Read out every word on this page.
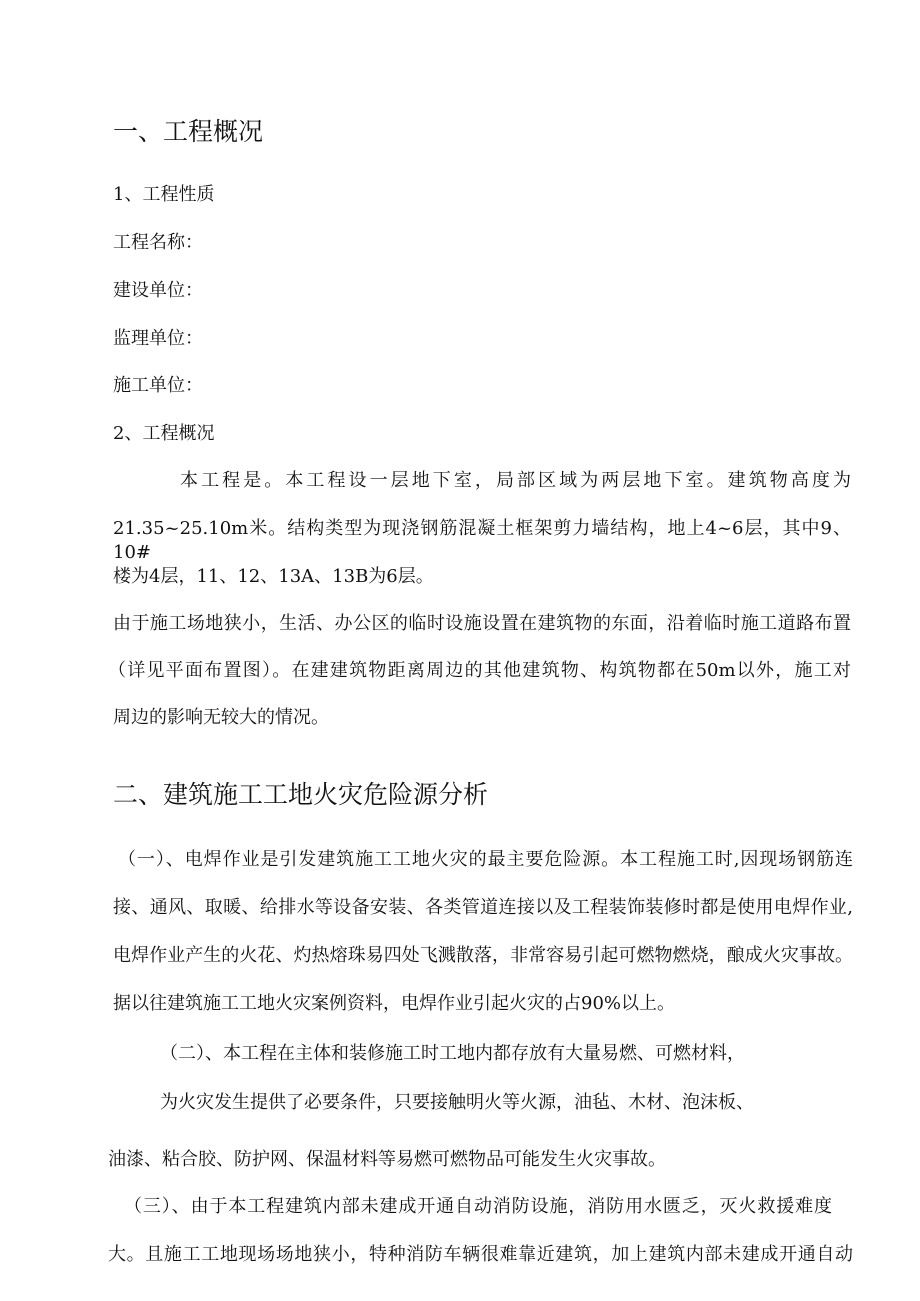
一、工程概况
1、工程性质
工程名称：
建设单位：
监理单位：
施工单位：
2、工程概况
本工程是。本工程设一层地下室，局部区域为两层地下室。建筑物高度为
21.35~25.10m米。结构类型为现浇钢筋混凝土框架剪力墙结构，地上4~6层，其中9、10#
楼为4层，11、12、13A、13B为6层。
由于施工场地狭小，生活、办公区的临时设施设置在建筑物的东面，沿着临时施工道路布置
（详见平面布置图）。在建建筑物距离周边的其他建筑物、构筑物都在50m以外，施工对
周边的影响无较大的情况。
二、建筑施工工地火灾危险源分析
（一）、电焊作业是引发建筑施工工地火灾的最主要危险源。本工程施工时,因现场钢筋连
接、通风、取暖、给排水等设备安装、各类管道连接以及工程装饰装修时都是使用电焊作业,
电焊作业产生的火花、灼热熔珠易四处飞溅散落，非常容易引起可燃物燃烧，酿成火灾事故。
据以往建筑施工工地火灾案例资料，电焊作业引起火灾的占90%以上。
（二）、本工程在主体和装修施工时工地内都存放有大量易燃、可燃材料，
为火灾发生提供了必要条件，只要接触明火等火源，油毡、木材、泡沫板、
油漆、粘合胶、防护网、保温材料等易燃可燃物品可能发生火灾事故。
（三）、由于本工程建筑内部未建成开通自动消防设施，消防用水匮乏，灭火救援难度
大。且施工工地现场场地狭小，特种消防车辆很难靠近建筑，加上建筑内部未建成开通自动
